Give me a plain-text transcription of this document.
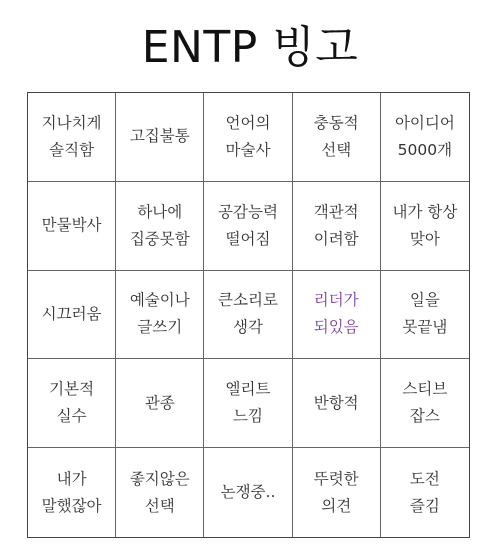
ENTP 빙고
지나치게
솔직함
고집불통
언어의
마술사
충동적
선택
아이디어
5000개
만물박사
하나에
집중못함
공감능력
떨어짐
객관적
이려함
내가 항상
맞아
시끄러움
예술이나
글쓰기
큰소리로
생각
리더가
되있음
일을
못끝냄
기본적
실수
관종
엘리트
느낌
반항적
스티브
잡스
내가
말했잖아
좋지않은
선택
논쟁중..
뚜렷한
의견
도전
즐김
